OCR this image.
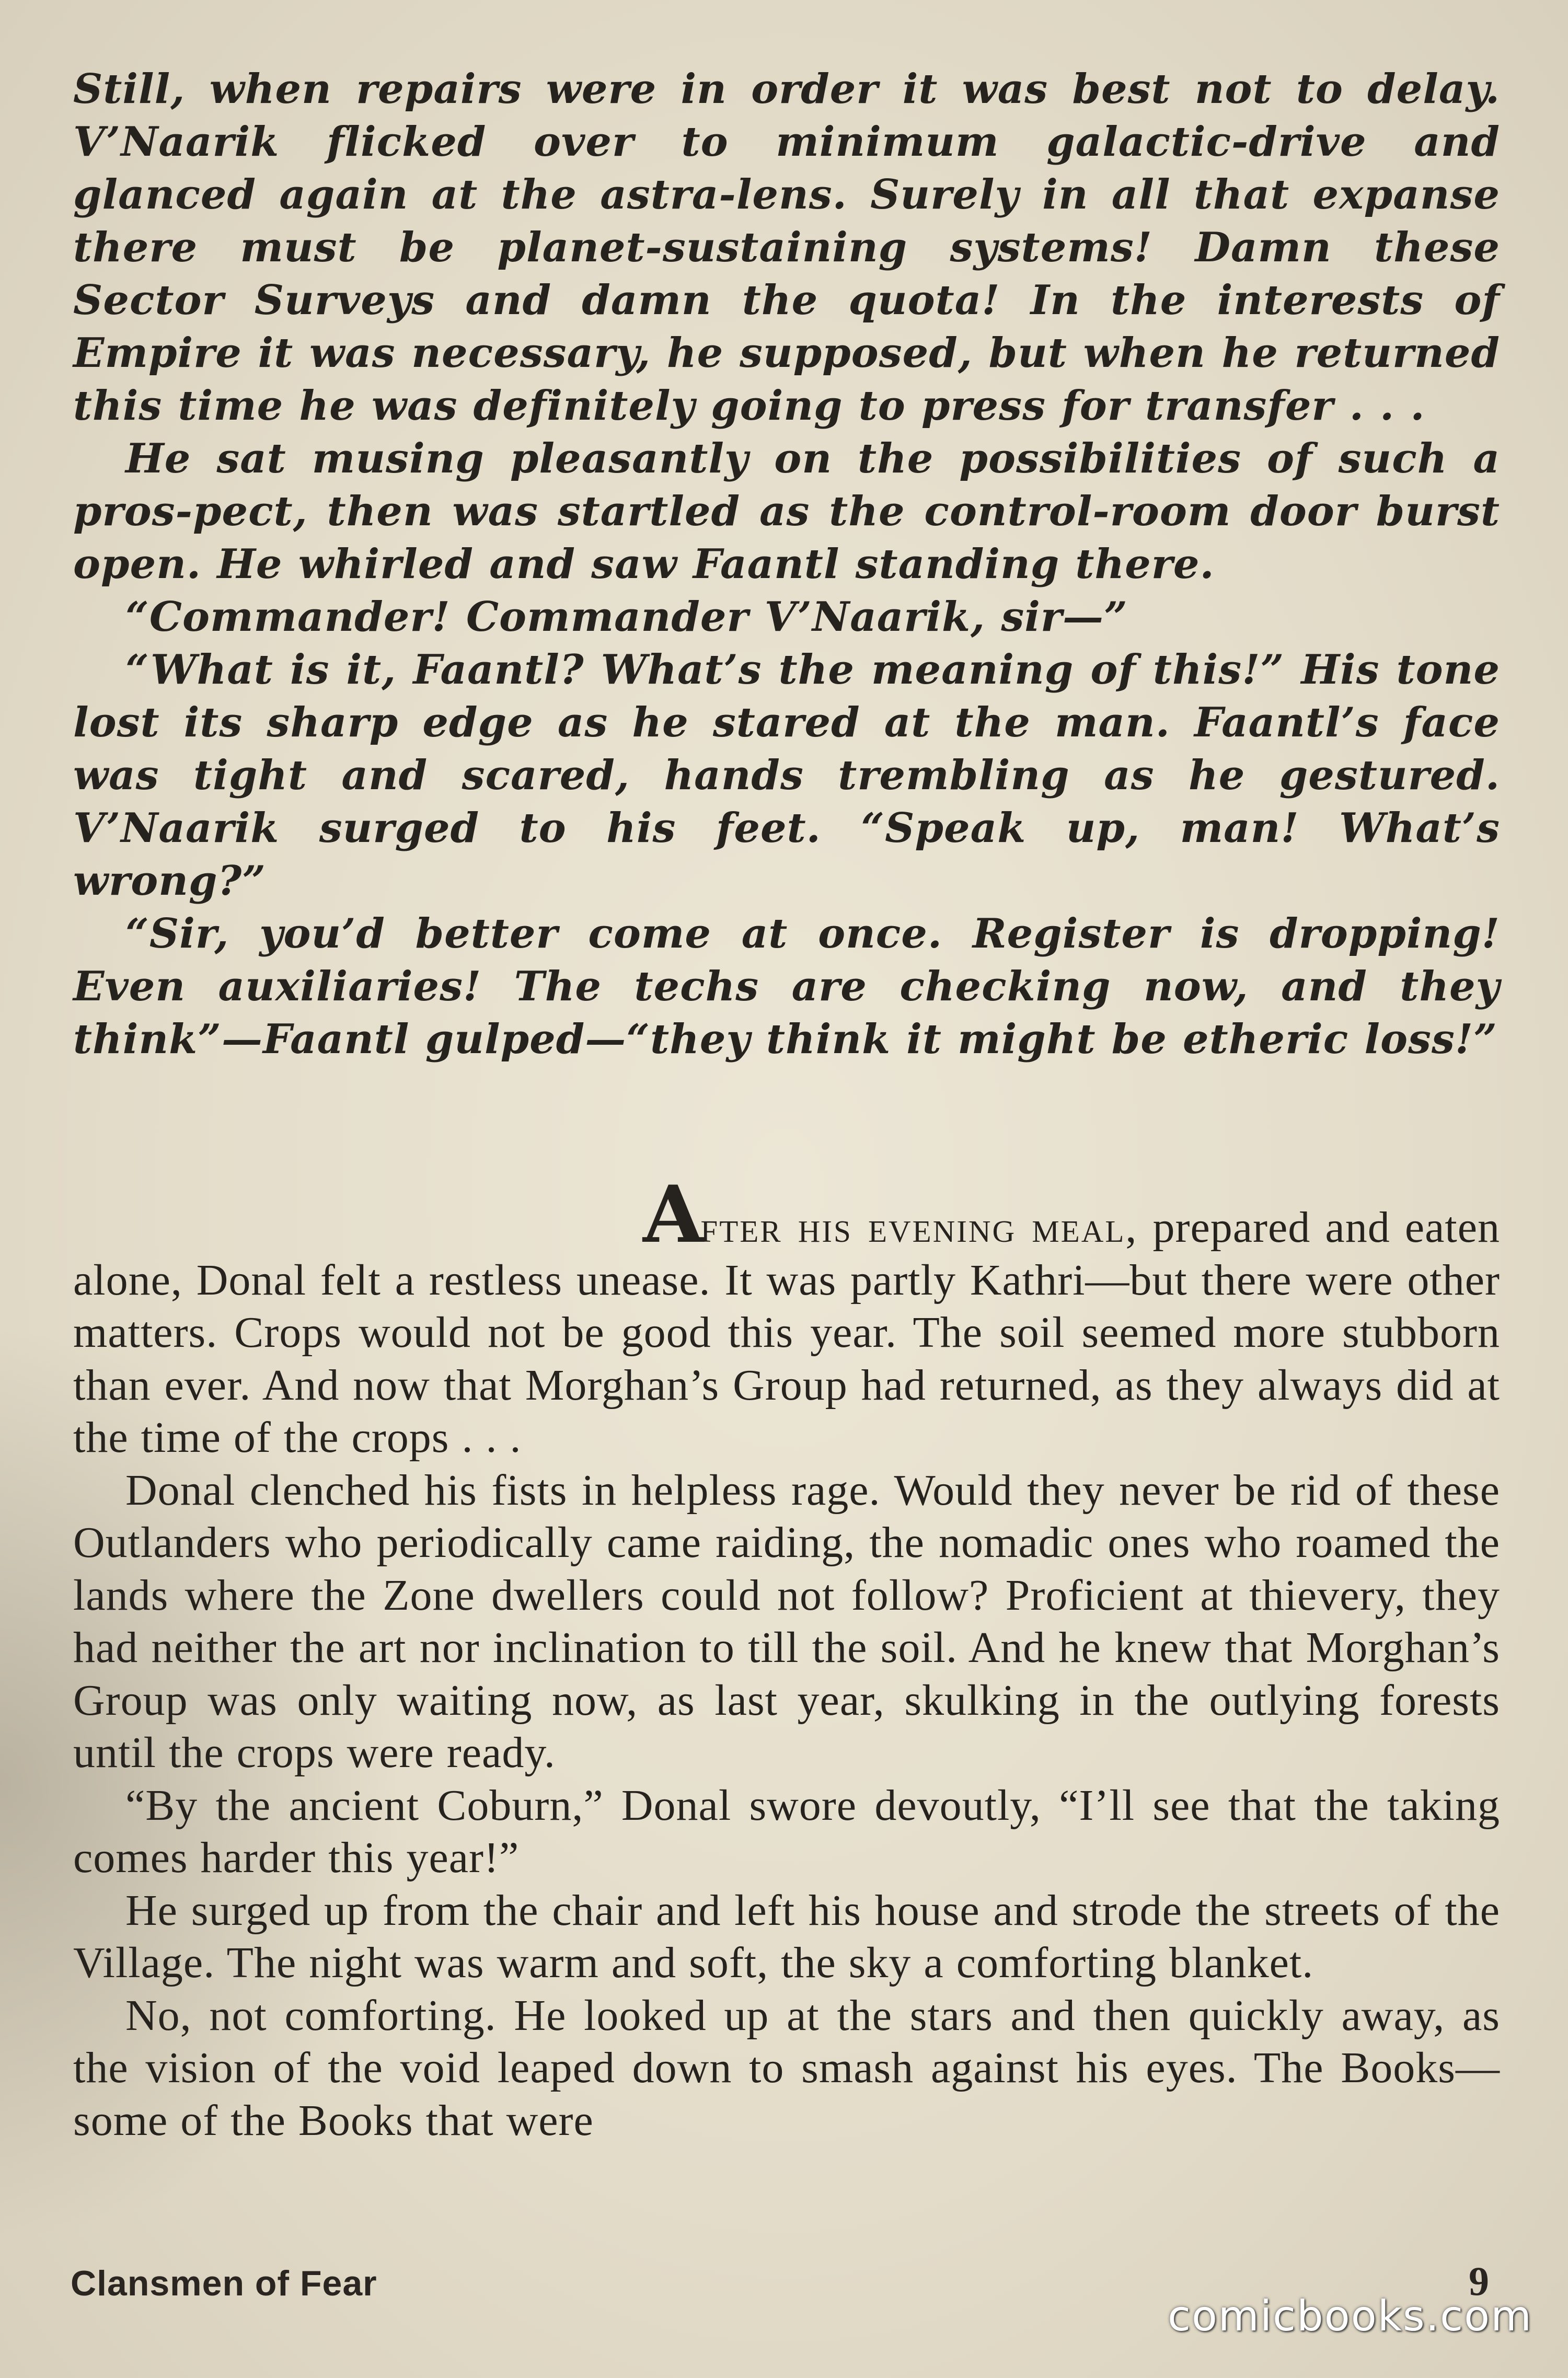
Still, when repairs were in order it was best not to delay. V’Naarik flicked over to minimum galactic-drive and glanced again at the astra-lens. Surely in all that expanse there must be planet-sustaining systems! Damn these Sector Surveys and damn the quota! In the interests of Empire it was necessary, he supposed, but when he returned this time he was definitely going to press for transfer . . .

He sat musing pleasantly on the possibilities of such a pros-pect, then was startled as the control-room door burst open. He whirled and saw Faantl standing there.

“Commander! Commander V’Naarik, sir—”

“What is it, Faantl? What’s the meaning of this!” His tone lost its sharp edge as he stared at the man. Faantl’s face was tight and scared, hands trembling as he gestured. V’Naarik surged to his feet. “Speak up, man! What’s wrong?”

“Sir, you’d better come at once. Register is dropping! Even auxiliaries! The techs are checking now, and they think”—Faantl gulped—“they think it might be etheric loss!”

After his evening meal, prepared and eaten alone, Donal felt a restless unease. It was partly Kathri—but there were other matters. Crops would not be good this year. The soil seemed more stubborn than ever. And now that Morghan’s Group had returned, as they always did at the time of the crops . . .

Donal clenched his fists in helpless rage. Would they never be rid of these Outlanders who periodically came raiding, the nomadic ones who roamed the lands where the Zone dwellers could not follow? Proficient at thievery, they had neither the art nor inclination to till the soil. And he knew that Morghan’s Group was only waiting now, as last year, skulking in the outlying forests until the crops were ready.

“By the ancient Coburn,” Donal swore devoutly, “I’ll see that the taking comes harder this year!”

He surged up from the chair and left his house and strode the streets of the Village. The night was warm and soft, the sky a comforting blanket.

No, not comforting. He looked up at the stars and then quickly away, as the vision of the void leaped down to smash against his eyes. The Books—some of the Books that were

Clansmen of Fear	9
comicbooks.com
